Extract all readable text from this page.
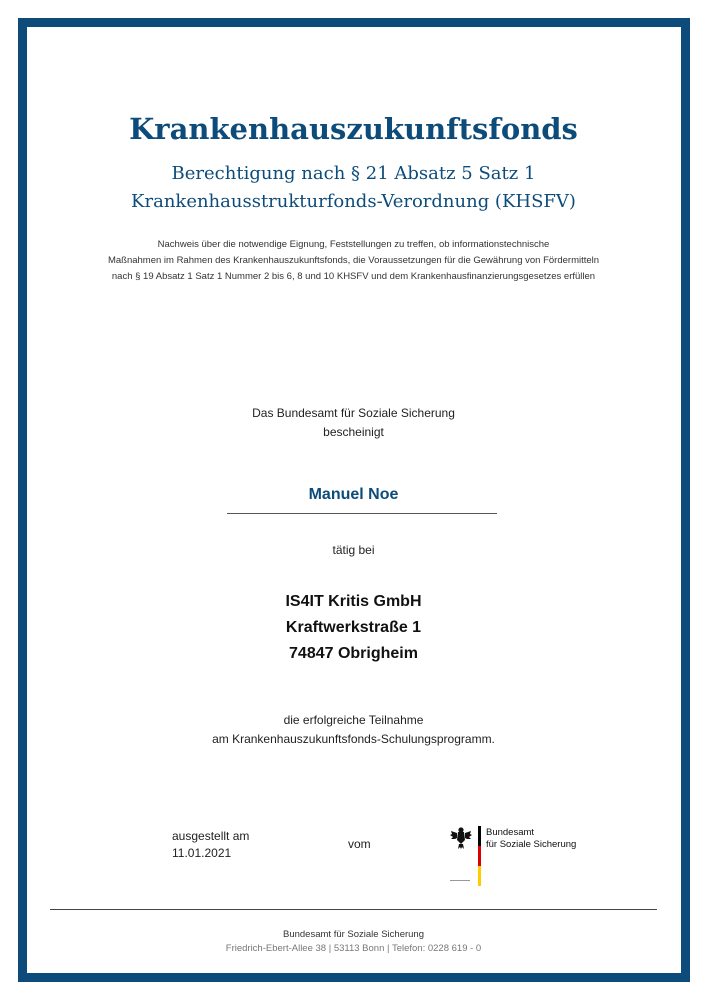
Krankenhauszukunftsfonds
Berechtigung nach § 21 Absatz 5 Satz 1
Krankenhausstrukturfonds-Verordnung (KHSFV)
Nachweis über die notwendige Eignung, Feststellungen zu treffen, ob informationstechnische
Maßnahmen im Rahmen des Krankenhauszukunftsfonds, die Voraussetzungen für die Gewährung von Fördermitteln
nach § 19 Absatz 1 Satz 1 Nummer 2 bis 6, 8 und 10 KHSFV und dem Krankenhausfinanzierungsgesetzes erfüllen
Das Bundesamt für Soziale Sicherung
bescheinigt
Manuel Noe
tätig bei
IS4IT Kritis GmbH
Kraftwerkstraße 1
74847 Obrigheim
die erfolgreiche Teilnahme
am Krankenhauszukunftsfonds-Schulungsprogramm.
ausgestellt am
11.01.2021
vom
Bundesamt
für Soziale Sicherung
Bundesamt für Soziale Sicherung
Friedrich-Ebert-Allee 38 | 53113 Bonn | Telefon: 0228 619 - 0
